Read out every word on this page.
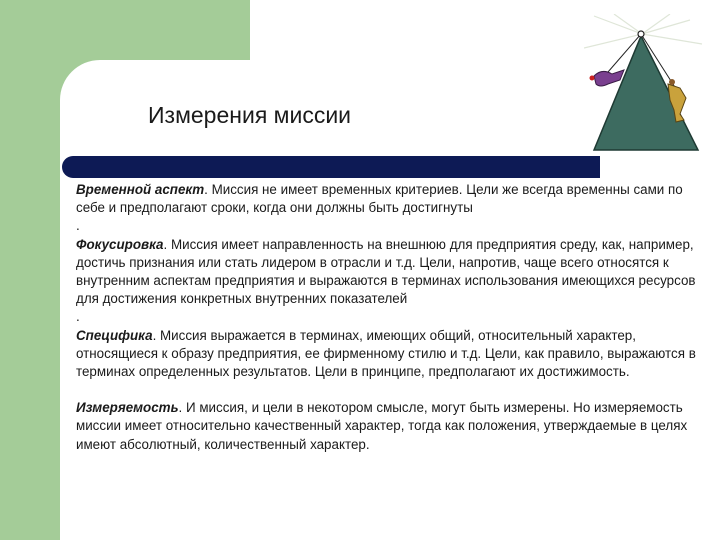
Измерения миссии

Временной аспект. Миссия не имеет временных критериев. Цели же всегда временны сами по себе и предполагают сроки, когда они должны быть достигнуты

.

Фокусировка. Миссия имеет направленность на внешнюю для предприятия среду, как, например, достичь признания или стать лидером в отрасли и т.д. Цели, напротив, чаще всего относятся к внутренним аспектам предприятия и выражаются в терминах использования имеющихся ресурсов для достижения конкретных внутренних показателей

.

Специфика. Миссия выражается в терминах, имеющих общий, относительный характер, относящиеся к образу предприятия, ее фирменному стилю и т.д. Цели, как правило, выражаются в терминах определенных результатов. Цели в принципе, предполагают их достижимость.

Измеряемость. И миссия, и цели в некотором смысле, могут быть измерены. Но измеряемость миссии имеет относительно качественный характер, тогда как положения, утверждаемые в целях имеют абсолютный, количественный характер.
